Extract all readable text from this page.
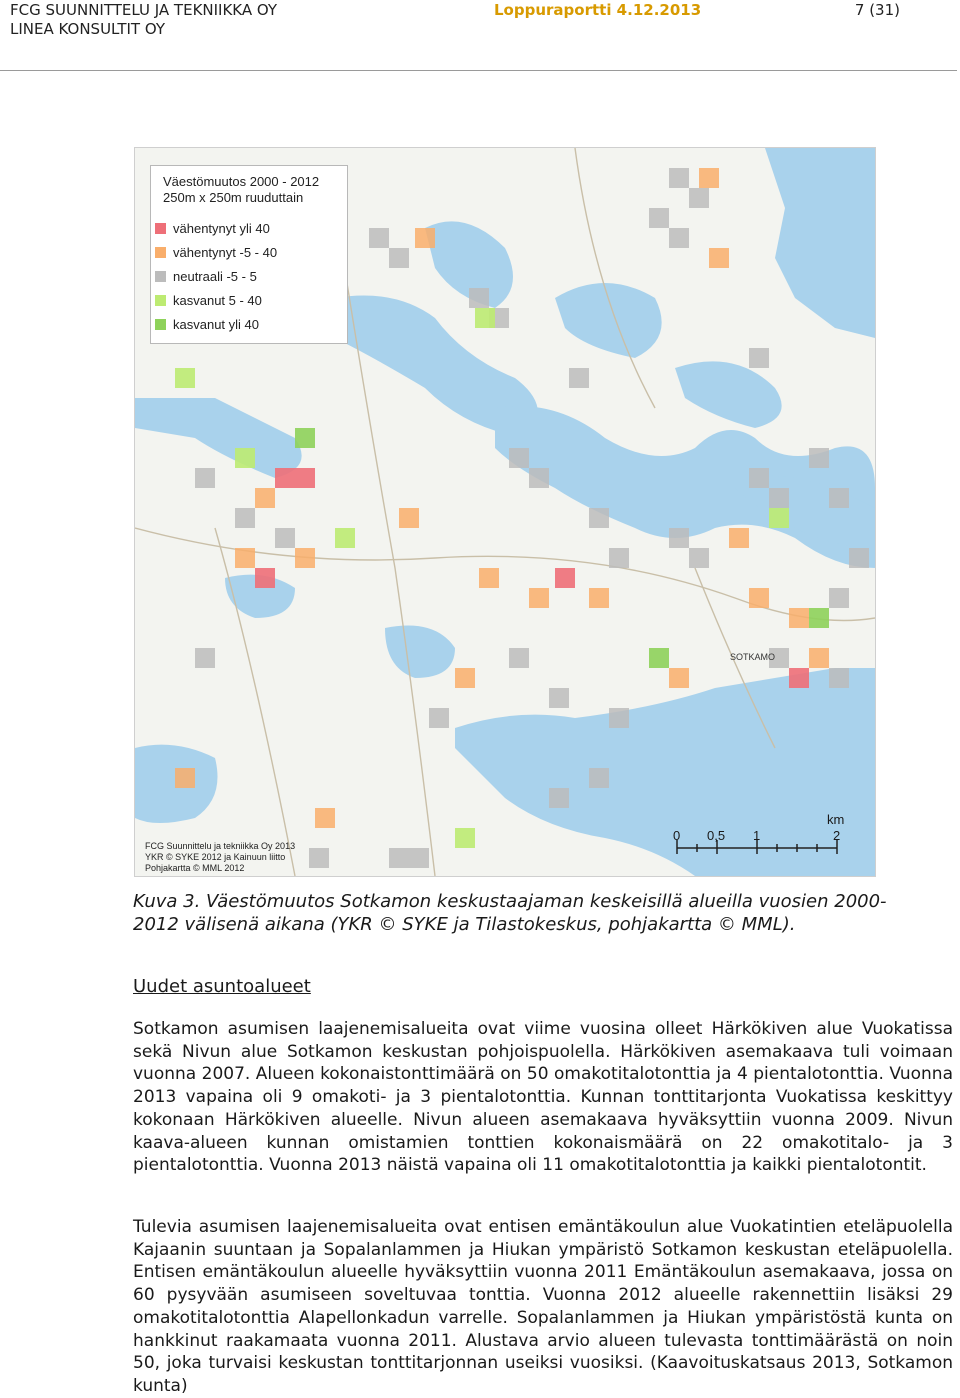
FCG SUUNNITTELU JA TEKNIIKKA OY
LINEA KONSULTIT OY
Loppuraportti 4.12.2013	7 (31)
SOTKAMO
Väestömuutos 2000 - 2012
250m x 250m ruuduttain
vähentynyt yli 40
vähentynyt -5 - 40
neutraali -5 - 5
kasvanut 5 - 40
kasvanut yli 40
FCG Suunnittelu ja tekniikka Oy 2013
YKR © SYKE 2012 ja Kainuun liitto
Pohjakartta © MML 2012
km
0 0,5 1	2
Kuva 3. Väestömuutos Sotkamon keskustaajaman keskeisillä alueilla vuosien 2000-2012 välisenä aikana (YKR © SYKE ja Tilastokeskus, pohjakartta © MML).
Uudet asuntoalueet
Sotkamon asumisen laajenemisalueita ovat viime vuosina olleet Härkökiven alue Vuokatissa sekä Nivun alue Sotkamon keskustan pohjoispuolella. Härkökiven asemakaava tuli voimaan vuonna 2007. Alueen kokonaistonttimäärä on 50 omakotitalotonttia ja 4 pientalotonttia. Vuonna 2013 vapaina oli 9 omakoti- ja 3 pientalotonttia. Kunnan tonttitarjonta Vuokatissa keskittyy kokonaan Härkökiven alueelle. Nivun alueen asemakaava hyväksyttiin vuonna 2009. Nivun kaava-alueen kunnan omistamien tonttien kokonaismäärä on 22 omakotitalo- ja 3 pientalotonttia. Vuonna 2013 näistä vapaina oli 11 omakotitalotonttia ja kaikki pientalotontit.
Tulevia asumisen laajenemisalueita ovat entisen emäntäkoulun alue Vuokatintien eteläpuolella Kajaanin suuntaan ja Sopalanlammen ja Hiukan ympäristö Sotkamon keskustan eteläpuolella. Entisen emäntäkoulun alueelle hyväksyttiin vuonna 2011 Emäntäkoulun asemakaava, jossa on 60 pysyvään asumiseen soveltuvaa tonttia. Vuonna 2012 alueelle rakennettiin lisäksi 29 omakotitalotonttia Alapellonkadun varrelle. Sopalanlammen ja Hiukan ympäristöstä kunta on hankkinut raakamaata vuonna 2011. Alustava arvio alueen tulevasta tonttimäärästä on noin 50, joka turvaisi keskustan tonttitarjonnan useiksi vuosiksi. (Kaavoituskatsaus 2013, Sotkamon kunta)
